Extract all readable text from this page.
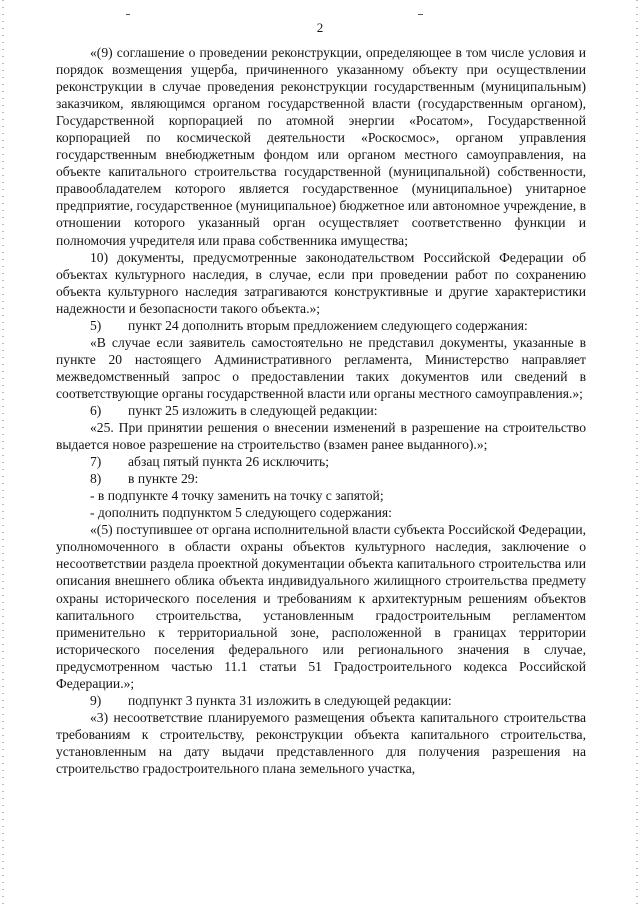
2

«(9) соглашение о проведении реконструкции, определяющее в том числе условия и порядок возмещения ущерба, причиненного указанному объекту при осуществлении реконструкции в случае проведения реконструкции государственным (муниципальным) заказчиком, являющимся органом государственной власти (государственным органом), Государственной корпорацией по атомной энергии «Росатом», Государственной корпорацией по космической деятельности «Роскосмос», органом управления государственным внебюджетным фондом или органом местного самоуправления, на объекте капитального строительства государственной (муниципальной) собственности, правообладателем которого является государственное (муниципальное) унитарное предприятие, государственное (муниципальное) бюджетное или автономное учреждение, в отношении которого указанный орган осуществляет соответственно функции и полномочия учредителя или права собственника имущества;

10) документы, предусмотренные законодательством Российской Федерации об объектах культурного наследия, в случае, если при проведении работ по сохранению объекта культурного наследия затрагиваются конструктивные и другие характеристики надежности и безопасности такого объекта.»;

5) пункт 24 дополнить вторым предложением следующего содержания:

«В случае если заявитель самостоятельно не представил документы, указанные в пункте 20 настоящего Административного регламента, Министерство направляет межведомственный запрос о предоставлении таких документов или сведений в соответствующие органы государственной власти или органы местного самоуправления.»;

6) пункт 25 изложить в следующей редакции:

«25. При принятии решения о внесении изменений в разрешение на строительство выдается новое разрешение на строительство (взамен ранее выданного).»;

7) абзац пятый пункта 26 исключить;

8) в пункте 29:

- в подпункте 4 точку заменить на точку с запятой;

- дополнить подпунктом 5 следующего содержания:

«(5) поступившее от органа исполнительной власти субъекта Российской Федерации, уполномоченного в области охраны объектов культурного наследия, заключение о несоответствии раздела проектной документации объекта капитального строительства или описания внешнего облика объекта индивидуального жилищного строительства предмету охраны исторического поселения и требованиям к архитектурным решениям объектов капитального строительства, установленным градостроительным регламентом применительно к территориальной зоне, расположенной в границах территории исторического поселения федерального или регионального значения в случае, предусмотренном частью 11.1 статьи 51 Градостроительного кодекса Российской Федерации.»;

9) подпункт 3 пункта 31 изложить в следующей редакции:

«3) несоответствие планируемого размещения объекта капитального строительства требованиям к строительству, реконструкции объекта капитального строительства, установленным на дату выдачи представленного для получения разрешения на строительство градостроительного плана земельного участка,
